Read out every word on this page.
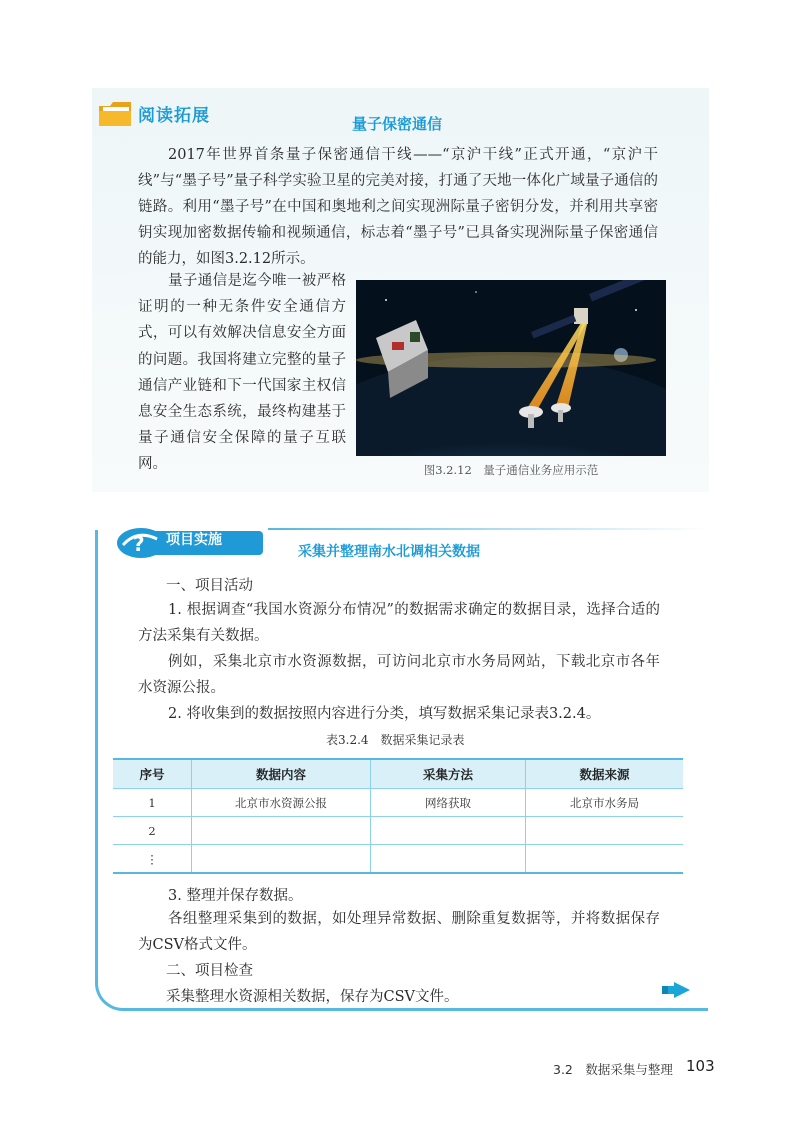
阅读拓展	量子保密通信
2017年世界首条量子保密通信干线——“京沪干线”正式开通，“京沪干线”与“墨子号”量子科学实验卫星的完美对接，打通了天地一体化广域量子通信的链路。利用“墨子号”在中国和奥地利之间实现洲际量子密钥分发，并利用共享密钥实现加密数据传输和视频通信，标志着“墨子号”已具备实现洲际量子保密通信的能力，如图3.2.12所示。
量子通信是迄今唯一被严格证明的一种无条件安全通信方式，可以有效解决信息安全方面的问题。我国将建立完整的量子通信产业链和下一代国家主权信息安全生态系统，最终构建基于量子通信安全保障的量子互联网。	图3.2.12　量子通信业务应用示范
? 项目实施
采集并整理南水北调相关数据
一、项目活动
1. 根据调查“我国水资源分布情况”的数据需求确定的数据目录，选择合适的方法采集有关数据。
例如，采集北京市水资源数据，可访问北京市水务局网站，下载北京市各年水资源公报。
2. 将收集到的数据按照内容进行分类，填写数据采集记录表3.2.4。
表3.2.4　数据采集记录表
序号	数据内容	采集方法	数据来源
1	北京市水资源公报	网络获取	北京市水务局
2			
⋮			
3. 整理并保存数据。
各组整理采集到的数据，如处理异常数据、删除重复数据等，并将数据保存为CSV格式文件。
二、项目检查
采集整理水资源相关数据，保存为CSV文件。
3.2　数据采集与整理 103
